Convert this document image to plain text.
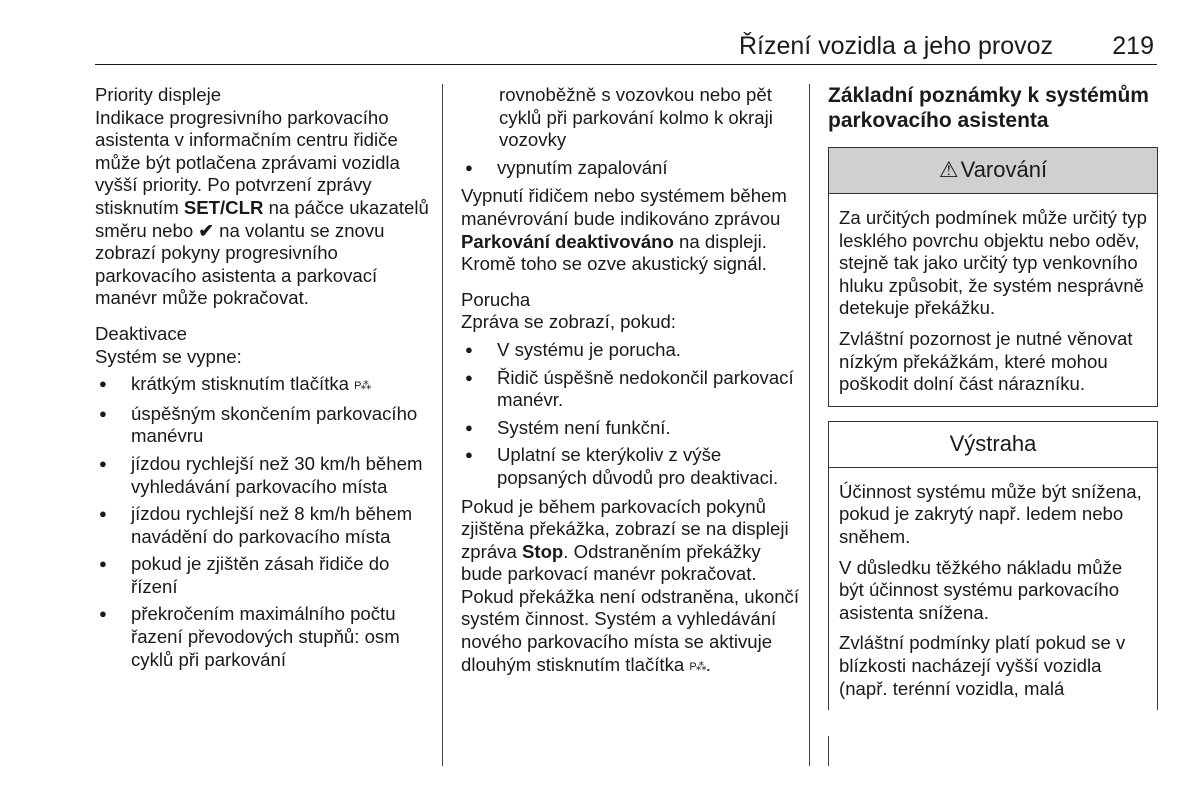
Řízení vozidla a jeho provoz 219

Priority displeje

Indikace progresivního parkovacího asistenta v informačním centru řidiče může být potlačena zprávami vozidla vyšší priority. Po potvrzení zprávy stisknutím SET/CLR na páčce ukazatelů směru nebo ✔ na volantu se znovu zobrazí pokyny progresivního parkovacího asistenta a parkovací manévr může pokračovat.

Deaktivace

Systém se vypne:

● krátkým stisknutím tlačítka P⁂
● úspěšným skončením parkovacího manévru
● jízdou rychlejší než 30 km/h během vyhledávání parkovacího místa
● jízdou rychlejší než 8 km/h během navádění do parkovacího místa
● pokud je zjištěn zásah řidiče do řízení
● překročením maximálního počtu řazení převodových stupňů: osm cyklů při parkování

rovnoběžně s vozovkou nebo pět cyklů při parkování kolmo k okraji vozovky

● vypnutím zapalování

Vypnutí řidičem nebo systémem během manévrování bude indikováno zprávou Parkování deaktivováno na displeji. Kromě toho se ozve akustický signál.

Porucha

Zpráva se zobrazí, pokud:

● V systému je porucha.
● Řidič úspěšně nedokončil parkovací manévr.
● Systém není funkční.
● Uplatní se kterýkoliv z výše popsaných důvodů pro deaktivaci.

Pokud je během parkovacích pokynů zjištěna překážka, zobrazí se na displeji zpráva Stop. Odstraněním překážky bude parkovací manévr pokračovat. Pokud překážka není odstraněna, ukončí systém činnost. Systém a vyhledávání nového parkovacího místa se aktivuje dlouhým stisknutím tlačítka P⁂.

Základní poznámky k systémům parkovacího asistenta

⚠ Varování

Za určitých podmínek může určitý typ lesklého povrchu objektu nebo oděv, stejně tak jako určitý typ venkovního hluku způsobit, že systém nesprávně detekuje překážku.

Zvláštní pozornost je nutné věnovat nízkým překážkám, které mohou poškodit dolní část nárazníku.

Výstraha

Účinnost systému může být snížena, pokud je zakrytý např. ledem nebo sněhem.

V důsledku těžkého nákladu může být účinnost systému parkovacího asistenta snížena.

Zvláštní podmínky platí pokud se v blízkosti nacházejí vyšší vozidla (např. terénní vozidla, malá
